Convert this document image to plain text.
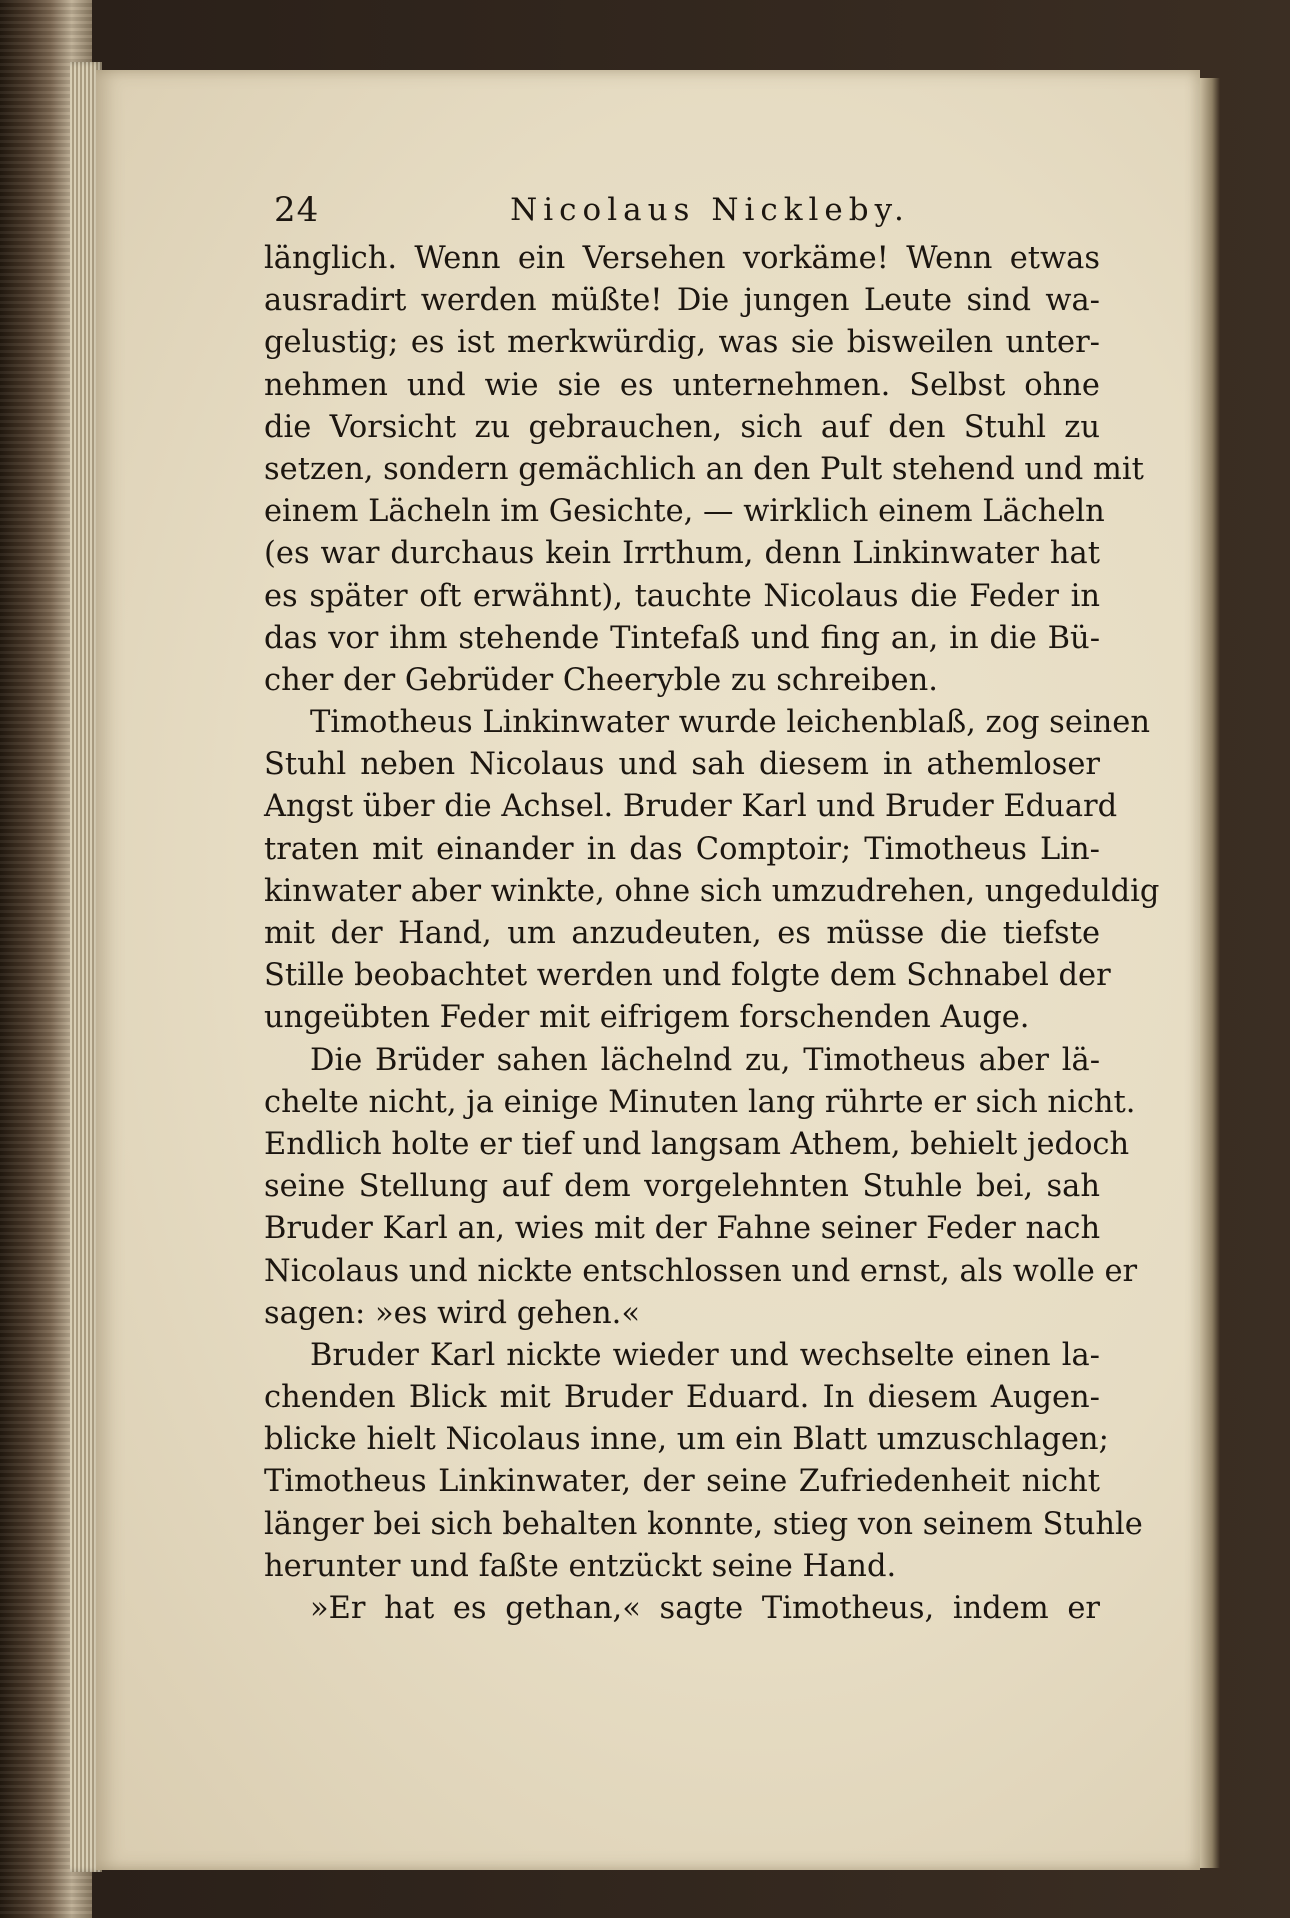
24	Nicolaus Nickleby.
länglich. Wenn ein Versehen vorkäme! Wenn etwas
ausradirt werden müßte! Die jungen Leute sind wa-
gelustig; es ist merkwürdig, was sie bisweilen unter-
nehmen und wie sie es unternehmen. Selbst ohne
die Vorsicht zu gebrauchen, sich auf den Stuhl zu
setzen, sondern gemächlich an den Pult stehend und mit
einem Lächeln im Gesichte, — wirklich einem Lächeln
(es war durchaus kein Irrthum, denn Linkinwater hat
es später oft erwähnt), tauchte Nicolaus die Feder in
das vor ihm stehende Tintefaß und fing an, in die Bü-
cher der Gebrüder Cheeryble zu schreiben.
Timotheus Linkinwater wurde leichenblaß, zog seinen
Stuhl neben Nicolaus und sah diesem in athemloser
Angst über die Achsel. Bruder Karl und Bruder Eduard
traten mit einander in das Comptoir; Timotheus Lin-
kinwater aber winkte, ohne sich umzudrehen, ungeduldig
mit der Hand, um anzudeuten, es müsse die tiefste
Stille beobachtet werden und folgte dem Schnabel der
ungeübten Feder mit eifrigem forschenden Auge.
Die Brüder sahen lächelnd zu, Timotheus aber lä-
chelte nicht, ja einige Minuten lang rührte er sich nicht.
Endlich holte er tief und langsam Athem, behielt jedoch
seine Stellung auf dem vorgelehnten Stuhle bei, sah
Bruder Karl an, wies mit der Fahne seiner Feder nach
Nicolaus und nickte entschlossen und ernst, als wolle er
sagen: »es wird gehen.«
Bruder Karl nickte wieder und wechselte einen la-
chenden Blick mit Bruder Eduard. In diesem Augen-
blicke hielt Nicolaus inne, um ein Blatt umzuschlagen;
Timotheus Linkinwater, der seine Zufriedenheit nicht
länger bei sich behalten konnte, stieg von seinem Stuhle
herunter und faßte entzückt seine Hand.
»Er hat es gethan,« sagte Timotheus, indem er
